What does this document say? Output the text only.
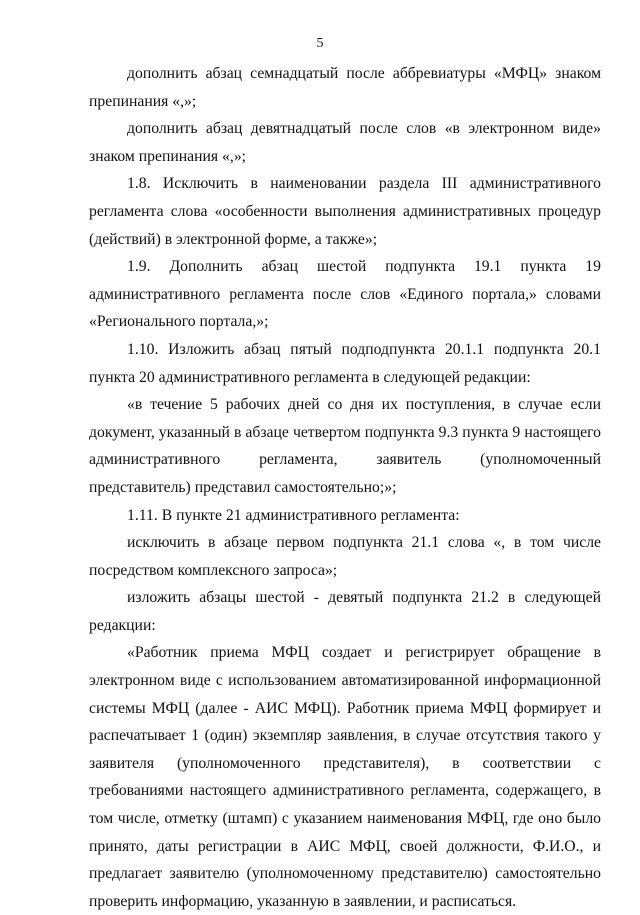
5

дополнить абзац семнадцатый после аббревиатуры «МФЦ» знаком препинания «,»;

дополнить абзац девятнадцатый после слов «в электронном виде» знаком препинания «,»;

1.8. Исключить в наименовании раздела III административного регламента слова «особенности выполнения административных процедур (действий) в электронной форме, а также»;

1.9. Дополнить абзац шестой подпункта 19.1 пункта 19 административного регламента после слов «Единого портала,» словами «Регионального портала,»;

1.10. Изложить абзац пятый подподпункта 20.1.1 подпункта 20.1 пункта 20 административного регламента в следующей редакции:

«в течение 5 рабочих дней со дня их поступления, в случае если документ, указанный в абзаце четвертом подпункта 9.3 пункта 9 настоящего административного регламента, заявитель (уполномоченный представитель) представил самостоятельно;»;

1.11. В пункте 21 административного регламента:

исключить в абзаце первом подпункта 21.1 слова «, в том числе посредством комплексного запроса»;

изложить абзацы шестой - девятый подпункта 21.2 в следующей редакции:

«Работник приема МФЦ создает и регистрирует обращение в электронном виде с использованием автоматизированной информационной системы МФЦ (далее - АИС МФЦ). Работник приема МФЦ формирует и распечатывает 1 (один) экземпляр заявления, в случае отсутствия такого у заявителя (уполномоченного представителя), в соответствии с требованиями настоящего административного регламента, содержащего, в том числе, отметку (штамп) с указанием наименования МФЦ, где оно было принято, даты регистрации в АИС МФЦ, своей должности, Ф.И.О., и предлагает заявителю (уполномоченному представителю) самостоятельно проверить информацию, указанную в заявлении, и расписаться.
